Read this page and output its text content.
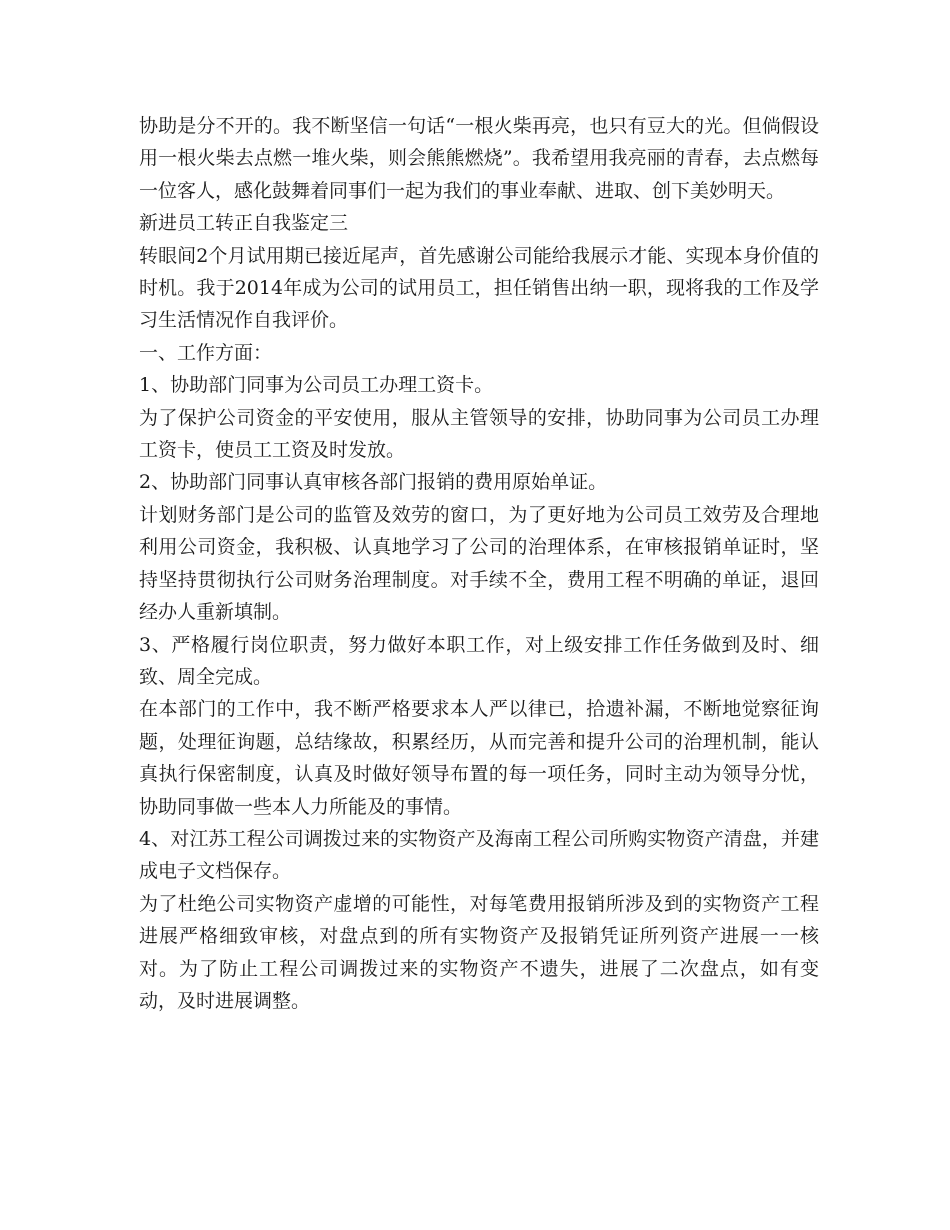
协助是分不开的。我不断坚信一句话“一根火柴再亮，也只有豆大的光。但倘假设用一根火柴去点燃一堆火柴，则会熊熊燃烧”。我希望用我亮丽的青春，去点燃每一位客人，感化鼓舞着同事们一起为我们的事业奉献、进取、创下美妙明天。

新进员工转正自我鉴定三

转眼间2个月试用期已接近尾声，首先感谢公司能给我展示才能、实现本身价值的时机。我于2014年成为公司的试用员工，担任销售出纳一职，现将我的工作及学习生活情况作自我评价。

一、工作方面：

1、协助部门同事为公司员工办理工资卡。

为了保护公司资金的平安使用，服从主管领导的安排，协助同事为公司员工办理工资卡，使员工工资及时发放。

2、协助部门同事认真审核各部门报销的费用原始单证。

计划财务部门是公司的监管及效劳的窗口，为了更好地为公司员工效劳及合理地利用公司资金，我积极、认真地学习了公司的治理体系，在审核报销单证时，坚持坚持贯彻执行公司财务治理制度。对手续不全，费用工程不明确的单证，退回经办人重新填制。

3、严格履行岗位职责，努力做好本职工作，对上级安排工作任务做到及时、细致、周全完成。

在本部门的工作中，我不断严格要求本人严以律已，拾遗补漏，不断地觉察征询题，处理征询题，总结缘故，积累经历，从而完善和提升公司的治理机制，能认真执行保密制度，认真及时做好领导布置的每一项任务，同时主动为领导分忧，协助同事做一些本人力所能及的事情。

4、对江苏工程公司调拨过来的实物资产及海南工程公司所购实物资产清盘，并建成电子文档保存。

为了杜绝公司实物资产虚增的可能性，对每笔费用报销所涉及到的实物资产工程进展严格细致审核，对盘点到的所有实物资产及报销凭证所列资产进展一一核对。为了防止工程公司调拨过来的实物资产不遗失，进展了二次盘点，如有变动，及时进展调整。
